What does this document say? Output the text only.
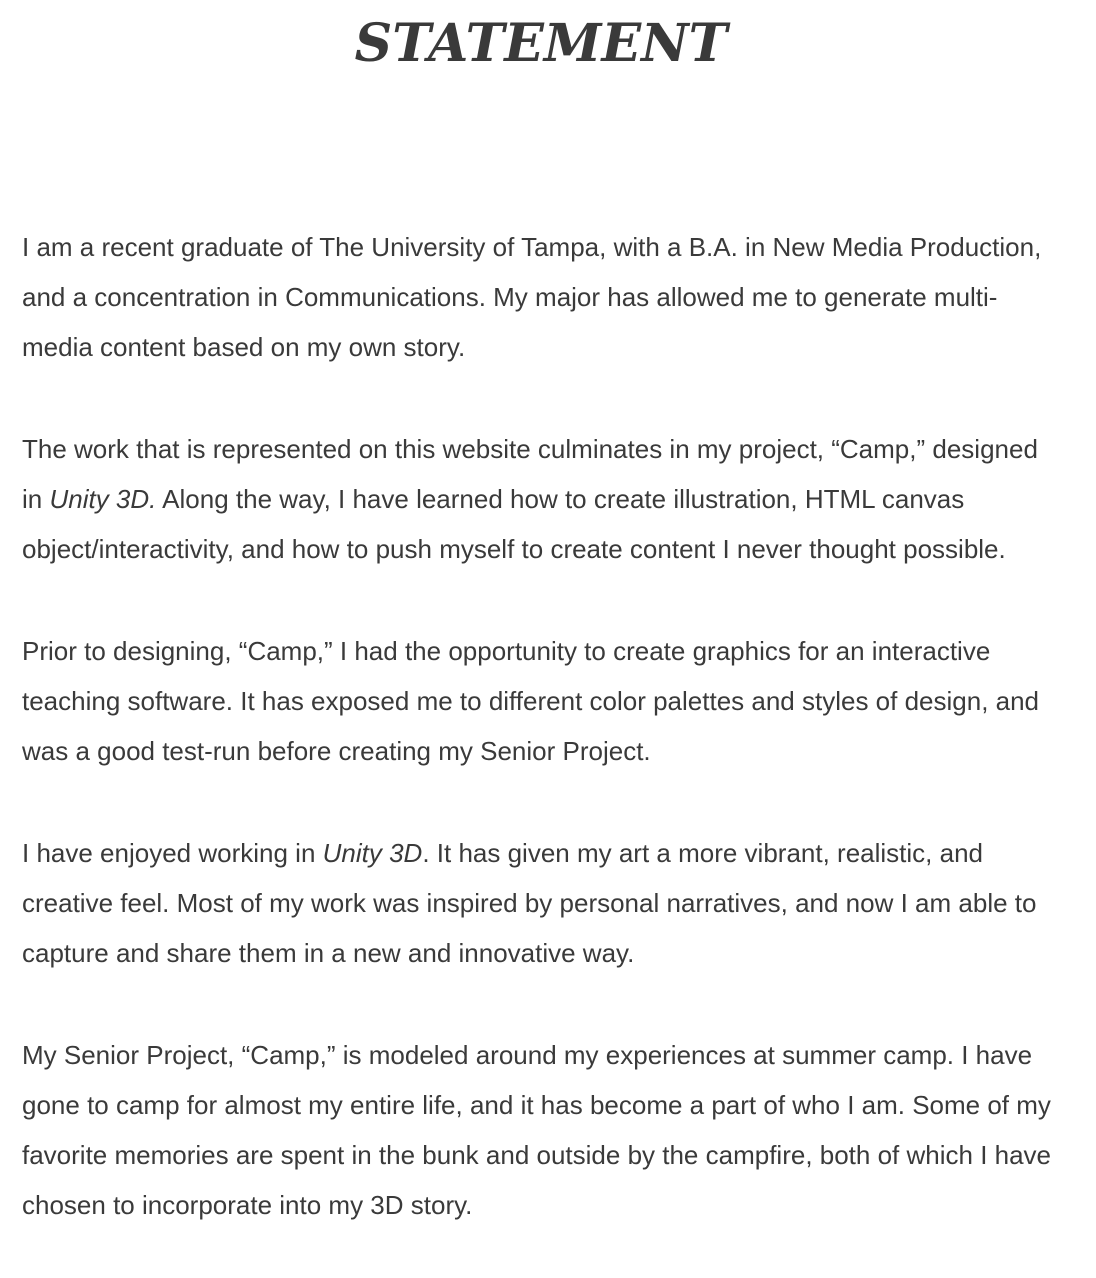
STATEMENT

I am a recent graduate of The University of Tampa, with a B.A. in New Media Production, and a concentration in Communications. My major has allowed me to generate multi-media content based on my own story.

The work that is represented on this website culminates in my project, “Camp,” designed in Unity 3D. Along the way, I have learned how to create illustration, HTML canvas object/interactivity, and how to push myself to create content I never thought possible.

Prior to designing, “Camp,” I had the opportunity to create graphics for an interactive teaching software. It has exposed me to different color palettes and styles of design, and was a good test-run before creating my Senior Project.

I have enjoyed working in Unity 3D. It has given my art a more vibrant, realistic, and creative feel. Most of my work was inspired by personal narratives, and now I am able to capture and share them in a new and innovative way.

My Senior Project, “Camp,” is modeled around my experiences at summer camp. I have gone to camp for almost my entire life, and it has become a part of who I am. Some of my favorite memories are spent in the bunk and outside by the campfire, both of which I have chosen to incorporate into my 3D story.
